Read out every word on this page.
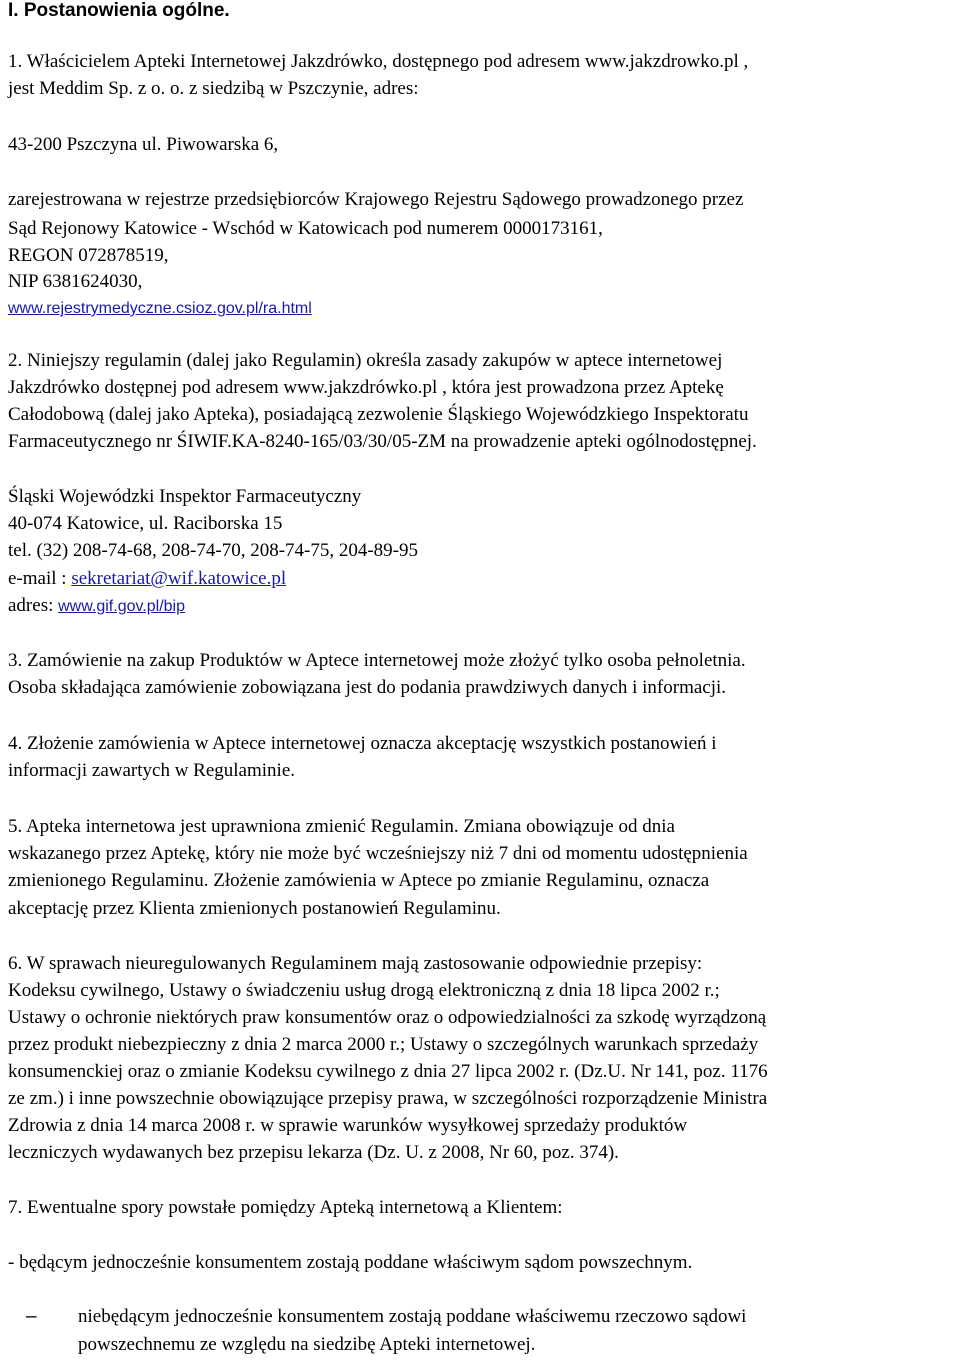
I. Postanowienia ogólne.
1. Właścicielem Apteki Internetowej Jakzdrówko, dostępnego pod adresem www.jakzdrowko.pl ,
jest Meddim Sp. z o. o. z siedzibą w Pszczynie, adres:
43-200 Pszczyna ul. Piwowarska 6,
zarejestrowana w rejestrze przedsiębiorców Krajowego Rejestru Sądowego prowadzonego przez
Sąd Rejonowy Katowice - Wschód w Katowicach pod numerem 0000173161,
REGON 072878519,
NIP 6381624030,
www.rejestrymedyczne.csioz.gov.pl/ra.html
2. Niniejszy regulamin (dalej jako Regulamin) określa zasady zakupów w aptece internetowej
Jakzdrówko dostępnej pod adresem www.jakzdrówko.pl , która jest prowadzona przez Aptekę
Całodobową (dalej jako Apteka), posiadającą zezwolenie Śląskiego Wojewódzkiego Inspektoratu
Farmaceutycznego nr ŚIWIF.KA-8240-165/03/30/05-ZM na prowadzenie apteki ogólnodostępnej.
Śląski Wojewódzki Inspektor Farmaceutyczny
40-074 Katowice, ul. Raciborska 15
tel. (32) 208-74-68, 208-74-70, 208-74-75, 204-89-95
e-mail : sekretariat@wif.katowice.pl
adres: www.gif.gov.pl/bip
3. Zamówienie na zakup Produktów w Aptece internetowej może złożyć tylko osoba pełnoletnia.
Osoba składająca zamówienie zobowiązana jest do podania prawdziwych danych i informacji.
4. Złożenie zamówienia w Aptece internetowej oznacza akceptację wszystkich postanowień i
informacji zawartych w Regulaminie.
5. Apteka internetowa jest uprawniona zmienić Regulamin. Zmiana obowiązuje od dnia
wskazanego przez Aptekę, który nie może być wcześniejszy niż 7 dni od momentu udostępnienia
zmienionego Regulaminu. Złożenie zamówienia w Aptece po zmianie Regulaminu, oznacza
akceptację przez Klienta zmienionych postanowień Regulaminu.
6. W sprawach nieuregulowanych Regulaminem mają zastosowanie odpowiednie przepisy:
Kodeksu cywilnego, Ustawy o świadczeniu usług drogą elektroniczną z dnia 18 lipca 2002 r.;
Ustawy o ochronie niektórych praw konsumentów oraz o odpowiedzialności za szkodę wyrządzoną
przez produkt niebezpieczny z dnia 2 marca 2000 r.; Ustawy o szczególnych warunkach sprzedaży
konsumenckiej oraz o zmianie Kodeksu cywilnego z dnia 27 lipca 2002 r. (Dz.U. Nr 141, poz. 1176
ze zm.) i inne powszechnie obowiązujące przepisy prawa, w szczególności rozporządzenie Ministra
Zdrowia z dnia 14 marca 2008 r. w sprawie warunków wysyłkowej sprzedaży produktów
leczniczych wydawanych bez przepisu lekarza (Dz. U. z 2008, Nr 60, poz. 374).
7. Ewentualne spory powstałe pomiędzy Apteką internetową a Klientem:
- będącym jednocześnie konsumentem zostają poddane właściwym sądom powszechnym.
– niebędącym jednocześnie konsumentem zostają poddane właściwemu rzeczowo sądowi
powszechnemu ze względu na siedzibę Apteki internetowej.
